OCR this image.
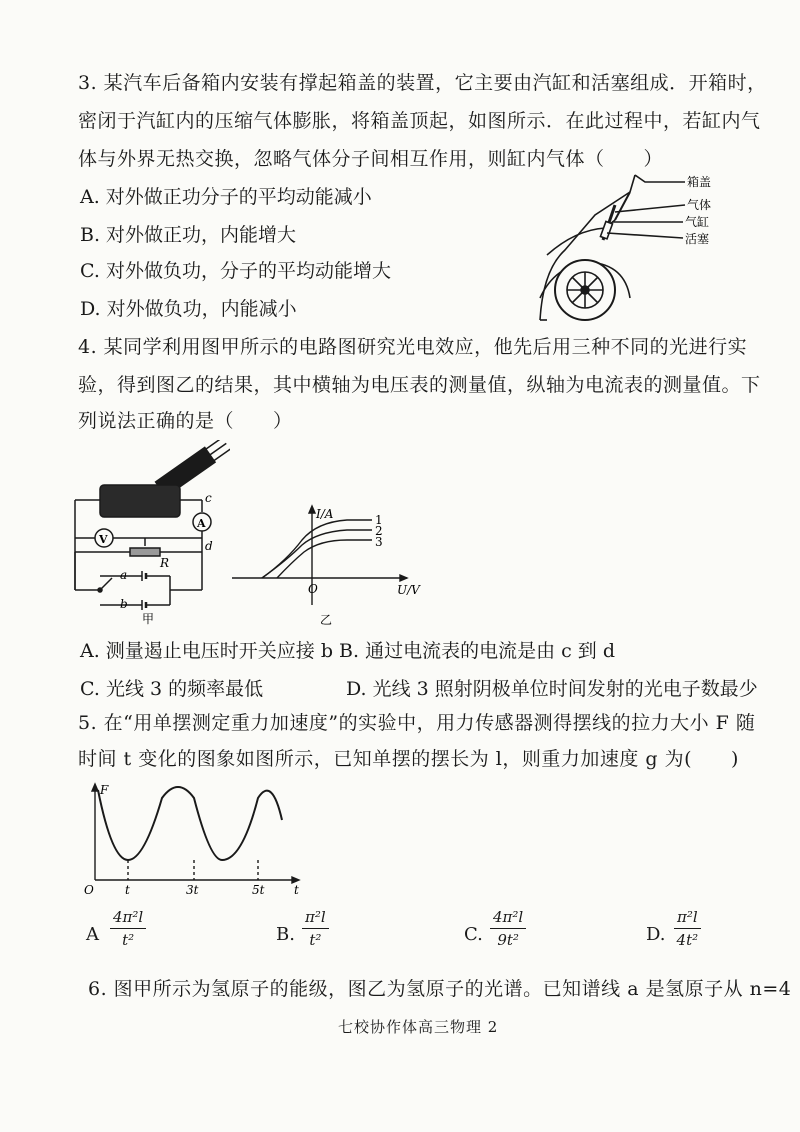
3. 某汽车后备箱内安装有撑起箱盖的装置，它主要由汽缸和活塞组成．开箱时，
密闭于汽缸内的压缩气体膨胀，将箱盖顶起，如图所示．在此过程中，若缸内气
体与外界无热交换，忽略气体分子间相互作用，则缸内气体（　　）
A. 对外做正功分子的平均动能减小
B. 对外做正功，内能增大
C. 对外做负功，分子的平均动能增大
D. 对外做负功，内能减小
箱盖
气体
气缸
活塞
4. 某同学利用图甲所示的电路图研究光电效应，他先后用三种不同的光进行实
验，得到图乙的结果，其中横轴为电压表的测量值，纵轴为电流表的测量值。下
列说法正确的是（　　）
V
A
c
d
R
a
b
甲
I/A
U/V
O
1
2
3
乙
A. 测量遏止电压时开关应接 b B. 通过电流表的电流是由 c 到 d
C. 光线 3 的频率最低	D. 光线 3 照射阴极单位时间发射的光电子数最少
5. 在“用单摆测定重力加速度”的实验中，用力传感器测得摆线的拉力大小 F 随
时间 t 变化的图象如图所示，已知单摆的摆长为 l，则重力加速度 g 为(　　)
F
t
O	t	3t	5t
A $\frac{\text{4π²l}}{\text{t²}}$	B. $\frac{\text{π²l}}{\text{t²}}$	C. $\frac{\text{4π²l}}{\text{9t²}}$	D. $\frac{\text{π²l}}{\text{4t²}}$
6. 图甲所示为氢原子的能级，图乙为氢原子的光谱。已知谱线 a 是氢原子从 n=4
七校协作体高三物理 2
